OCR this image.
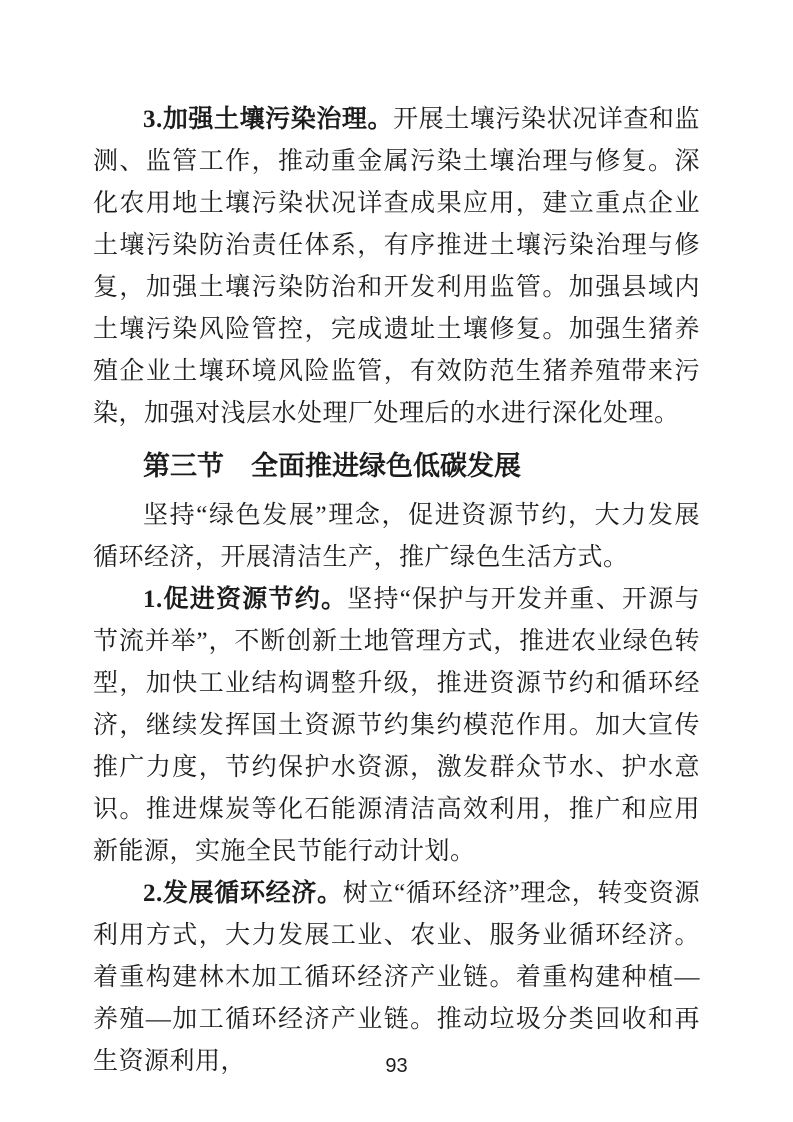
3.加强土壤污染治理。开展土壤污染状况详查和监测、监管工作，推动重金属污染土壤治理与修复。深化农用地土壤污染状况详查成果应用，建立重点企业土壤污染防治责任体系，有序推进土壤污染治理与修复，加强土壤污染防治和开发利用监管。加强县域内土壤污染风险管控，完成遗址土壤修复。加强生猪养殖企业土壤环境风险监管，有效防范生猪养殖带来污染，加强对浅层水处理厂处理后的水进行深化处理。

第三节　全面推进绿色低碳发展

坚持“绿色发展”理念，促进资源节约，大力发展循环经济，开展清洁生产，推广绿色生活方式。

1.促进资源节约。坚持“保护与开发并重、开源与节流并举”，不断创新土地管理方式，推进农业绿色转型，加快工业结构调整升级，推进资源节约和循环经济，继续发挥国土资源节约集约模范作用。加大宣传推广力度，节约保护水资源，激发群众节水、护水意识。推进煤炭等化石能源清洁高效利用，推广和应用新能源，实施全民节能行动计划。

2.发展循环经济。树立“循环经济”理念，转变资源利用方式，大力发展工业、农业、服务业循环经济。着重构建林木加工循环经济产业链。着重构建种植—养殖—加工循环经济产业链。推动垃圾分类回收和再生资源利用，	93
